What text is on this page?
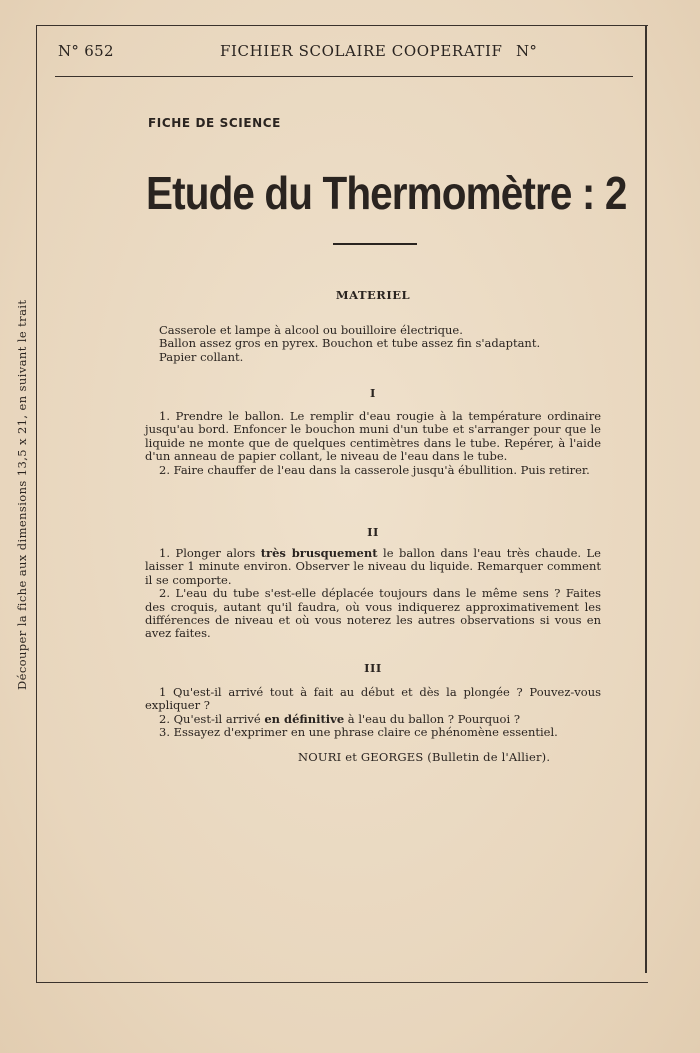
N° 652	FICHIER SCOLAIRE COOPERATIF N°
Découper la fiche aux dimensions 13,5 x 21, en suivant le trait
FICHE DE SCIENCE
Etude du Thermomètre : 2
MATERIEL

Casserole et lampe à alcool ou bouilloire électrique.

Ballon assez gros en pyrex. Bouchon et tube assez fin s'adaptant.

Papier collant.

I

1. Prendre le ballon. Le remplir d'eau rougie à la température ordinaire jusqu'au bord. Enfoncer le bouchon muni d'un tube et s'arranger pour que le liquide ne monte que de quelques centimètres dans le tube. Repérer, à l'aide d'un anneau de papier collant, le niveau de l'eau dans le tube.

2. Faire chauffer de l'eau dans la casserole jusqu'à ébullition. Puis retirer.

II

1. Plonger alors très brusquement le ballon dans l'eau très chaude. Le laisser 1 minute environ. Observer le niveau du liquide. Remarquer comment il se comporte.

2. L'eau du tube s'est-elle déplacée toujours dans le même sens ? Faites des croquis, autant qu'il faudra, où vous indiquerez approximativement les différences de niveau et où vous noterez les autres observations si vous en avez faites.

III

1 Qu'est-il arrivé tout à fait au début et dès la plongée ? Pouvez-vous expliquer ?

2. Qu'est-il arrivé en définitive à l'eau du ballon ? Pourquoi ?

3. Essayez d'exprimer en une phrase claire ce phénomène essentiel.

NOURI et GEORGES (Bulletin de l'Allier).
